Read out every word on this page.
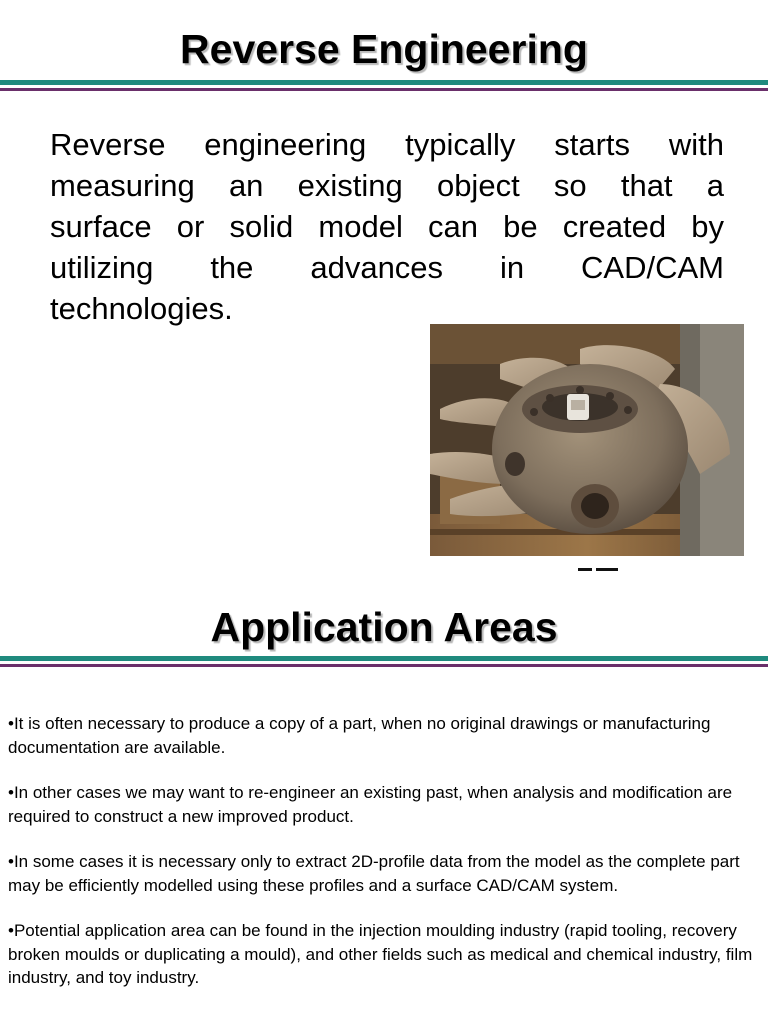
Reverse Engineering

Reverse engineering typically starts with
measuring an existing object so that a
surface or solid model can be created by
utilizing the advances in CAD/CAM
technologies.

Application Areas
•It is often necessary to produce a copy of a part, when no original drawings or manufacturing documentation are available.
•In other cases we may want to re-engineer an existing past, when analysis and modification are required to construct a new improved product.
•In some cases it is necessary only to extract 2D-profile data from the model as the complete part may be efficiently modelled using these profiles and a surface CAD/CAM system.
•Potential application area can be found in the injection moulding industry (rapid tooling, recovery broken moulds or duplicating a mould), and other fields such as medical and chemical industry, film industry, and toy industry.
